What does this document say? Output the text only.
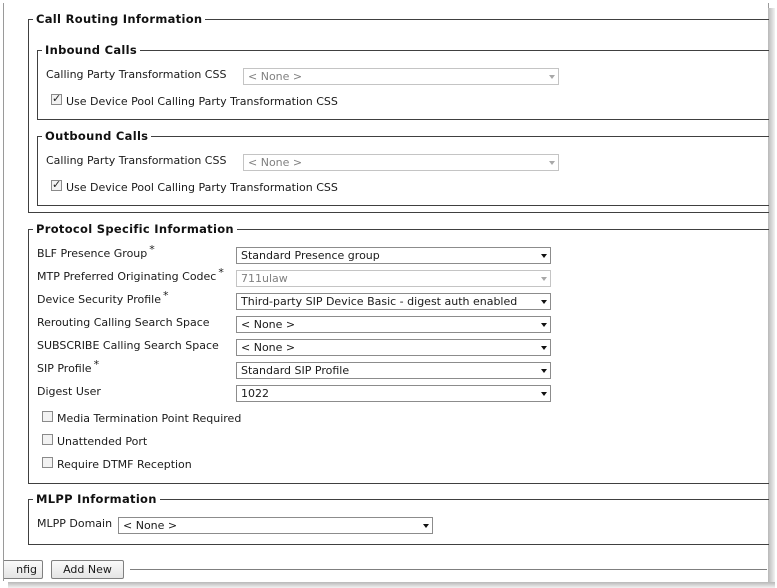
Call Routing Information
Inbound Calls
Calling Party Transformation CSS	< None >
✓ Use Device Pool Calling Party Transformation CSS
Outbound Calls
Calling Party Transformation CSS	< None >
✓ Use Device Pool Calling Party Transformation CSS
Protocol Specific Information
BLF Presence Group *	Standard Presence group
MTP Preferred Originating Codec *	711ulaw
Device Security Profile *	Third-party SIP Device Basic - digest auth enabled
Rerouting Calling Search Space	< None >
SUBSCRIBE Calling Search Space	< None >
SIP Profile *	Standard SIP Profile
Digest User	1022
Media Termination Point Required
Unattended Port
Require DTMF Reception
MLPP Information
MLPP Domain < None >
nfig	Add New
